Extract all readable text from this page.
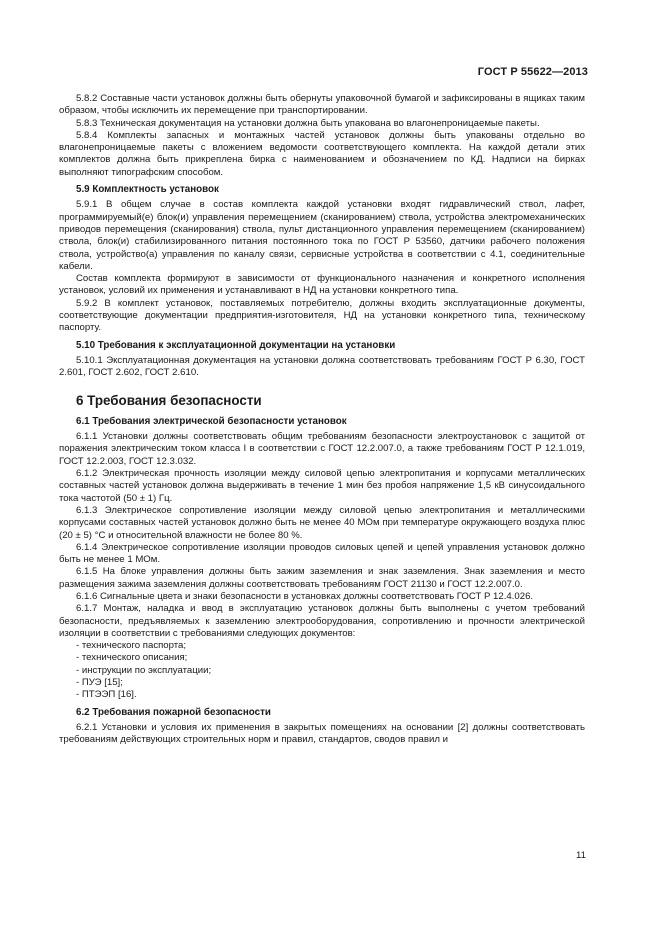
ГОСТ Р 55622—2013

5.8.2 Составные части установок должны быть обернуты упаковочной бумагой и зафиксированы в ящиках таким образом, чтобы исключить их перемещение при транспортировании.

5.8.3 Техническая документация на установки должна быть упакована во влагонепроницаемые пакеты.

5.8.4 Комплекты запасных и монтажных частей установок должны быть упакованы отдельно во влагонепроницаемые пакеты с вложением ведомости соответствующего комплекта. На каждой детали этих комплектов должна быть прикреплена бирка с наименованием и обозначением по КД. Надписи на бирках выполняют типографским способом.

5.9 Комплектность установок

5.9.1 В общем случае в состав комплекта каждой установки входят гидравлический ствол, лафет, программируемый(е) блок(и) управления перемещением (сканированием) ствола, устройства электромеханических приводов перемещения (сканирования) ствола, пульт дистанционного управления перемещением (сканированием) ствола, блок(и) стабилизированного питания постоянного тока по ГОСТ Р 53560, датчики рабочего положения ствола, устройство(а) управления по каналу связи, сервисные устройства в соответствии с 4.1, соединительные кабели.

Состав комплекта формируют в зависимости от функционального назначения и конкретного исполнения установок, условий их применения и устанавливают в НД на установки конкретного типа.

5.9.2 В комплект установок, поставляемых потребителю, должны входить эксплуатационные документы, соответствующие документации предприятия-изготовителя, НД на установки конкретного типа, техническому паспорту.

5.10 Требования к эксплуатационной документации на установки

5.10.1 Эксплуатационная документация на установки должна соответствовать требованиям ГОСТ Р 6.30, ГОСТ 2.601, ГОСТ 2.602, ГОСТ 2.610.

6 Требования безопасности
6.1 Требования электрической безопасности установок

6.1.1 Установки должны соответствовать общим требованиям безопасности электроустановок с защитой от поражения электрическим током класса I в соответствии с ГОСТ 12.2.007.0, а также требованиям ГОСТ Р 12.1.019, ГОСТ 12.2.003, ГОСТ 12.3.032.

6.1.2 Электрическая прочность изоляции между силовой цепью электропитания и корпусами металлических составных частей установок должна выдерживать в течение 1 мин без пробоя напряжение 1,5 кВ синусоидального тока частотой (50 ± 1) Гц.

6.1.3 Электрическое сопротивление изоляции между силовой цепью электропитания и металлическими корпусами составных частей установок должно быть не менее 40 МОм при температуре окружающего воздуха плюс (20 ± 5) °С и относительной влажности не более 80 %.

6.1.4 Электрическое сопротивление изоляции проводов силовых цепей и цепей управления установок должно быть не менее 1 МОм.

6.1.5 На блоке управления должны быть зажим заземления и знак заземления. Знак заземления и место размещения зажима заземления должны соответствовать требованиям ГОСТ 21130 и ГОСТ 12.2.007.0.

6.1.6 Сигнальные цвета и знаки безопасности в установках должны соответствовать ГОСТ Р 12.4.026.

6.1.7 Монтаж, наладка и ввод в эксплуатацию установок должны быть выполнены с учетом требований безопасности, предъявляемых к заземлению электрооборудования, сопротивлению и прочности электрической изоляции в соответствии с требованиями следующих документов:

- технического паспорта;
- технического описания;
- инструкции по эксплуатации;
- ПУЭ [15];
- ПТЭЭП [16].
6.2 Требования пожарной безопасности

6.2.1 Установки и условия их применения в закрытых помещениях на основании [2] должны соответствовать требованиям действующих строительных норм и правил, стандартов, сводов правил и

11
